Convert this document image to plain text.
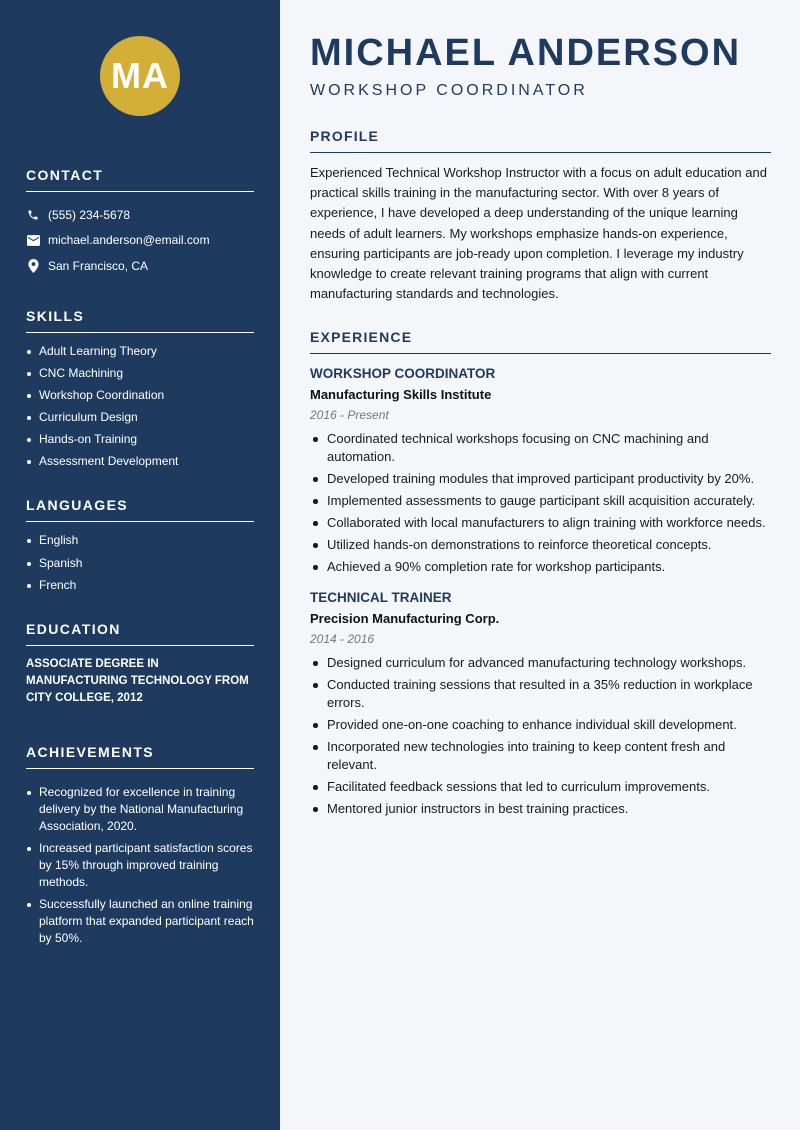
MA
CONTACT
(555) 234-5678
michael.anderson@email.com
San Francisco, CA
SKILLS
Adult Learning Theory
CNC Machining
Workshop Coordination
Curriculum Design
Hands-on Training
Assessment Development
LANGUAGES
English
Spanish
French
EDUCATION
ASSOCIATE DEGREE IN MANUFACTURING TECHNOLOGY FROM CITY COLLEGE, 2012
ACHIEVEMENTS
Recognized for excellence in training delivery by the National Manufacturing Association, 2020.
Increased participant satisfaction scores by 15% through improved training methods.
Successfully launched an online training platform that expanded participant reach by 50%.
MICHAEL ANDERSON
WORKSHOP COORDINATOR
PROFILE

Experienced Technical Workshop Instructor with a focus on adult education and practical skills training in the manufacturing sector. With over 8 years of experience, I have developed a deep understanding of the unique learning needs of adult learners. My workshops emphasize hands-on experience, ensuring participants are job-ready upon completion. I leverage my industry knowledge to create relevant training programs that align with current manufacturing standards and technologies.

EXPERIENCE
WORKSHOP COORDINATOR
Manufacturing Skills Institute
2016 - Present
Coordinated technical workshops focusing on CNC machining and automation.
Developed training modules that improved participant productivity by 20%.
Implemented assessments to gauge participant skill acquisition accurately.
Collaborated with local manufacturers to align training with workforce needs.
Utilized hands-on demonstrations to reinforce theoretical concepts.
Achieved a 90% completion rate for workshop participants.
TECHNICAL TRAINER
Precision Manufacturing Corp.
2014 - 2016
Designed curriculum for advanced manufacturing technology workshops.
Conducted training sessions that resulted in a 35% reduction in workplace errors.
Provided one-on-one coaching to enhance individual skill development.
Incorporated new technologies into training to keep content fresh and relevant.
Facilitated feedback sessions that led to curriculum improvements.
Mentored junior instructors in best training practices.
